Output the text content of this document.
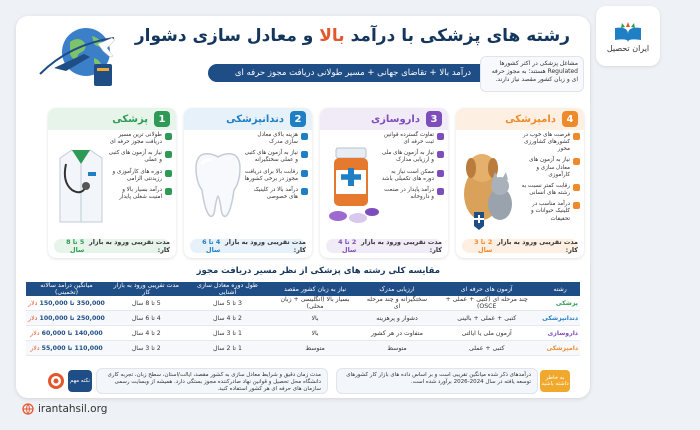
رشته های پزشکی با درآمد بالا و معادل سازی دشوار
درآمد بالا + تقاضای جهانی + مسیر طولانی دریافت مجوز حرفه ای
مشاغل پزشکی در اکثر کشورها Regulated هستند؛ به مجوز حرفه ای و زبان کشور مقصد نیاز دارند.
دامپزشکی	4
فرصت های خوب در کشورهای کشاورزی محور
نیاز به آزمون های معادل سازی و کارآموزی
رقابت کمتر نسبت به رشته های انسانی
درآمد مناسب در کلینیک حیوانات و تحقیقات
مدت تقریبی ورود به بازار کار:

2 تا 3 سال
داروسازی	3
تفاوت گسترده قوانین ثبت حرفه ای
نیاز به آزمون های ملی و ارزیابی مدارک
ممکن است نیاز به دوره های تکمیلی باشد
درآمد پایدار در صنعت و داروخانه
مدت تقریبی ورود به بازار کار:

2 تا 4 سال
دندانپزشکی	2
هزینه بالای معادل سازی مدرک
نیاز به آزمون های کتبی و عملی سختگیرانه
رقابت بالا برای دریافت مجوز در برخی کشورها
درآمد بالا در کلینیک های خصوصی
مدت تقریبی ورود به بازار کار:

4 تا 6 سال
پزشکی	1
طولانی ترین مسیر دریافت مجوز حرفه ای
نیاز به آزمون های کتبی و عملی
دوره های کارآموزی و رزیدنتی الزامی
درآمد بسیار بالا و امنیت شغلی پایدار
مدت تقریبی ورود به بازار کار:

5 تا 8 سال
مقایسه کلی رشته های پزشکی از نظر مسیر دریافت مجوز
رشته	آزمون های حرفه ای	ارزیابی مدرک	نیاز به زبان کشور مقصد	طول دوره معادل سازی آشنایی	مدت تقریبی ورود به بازار کار	میانگین درآمد سالانه (تخمینی)
پزشکی	چند مرحله ای (کتبی + عملی + OSCE)	سختگیرانه و چند مرحله ای	بسیار بالا (انگلیسی + زبان محلی)	3 تا 5 سال	5 تا 8 سال	350,000 تا 150,000 دلار
دندانپزشکی	کتبی + عملی + بالینی	دشوار و پرهزینه	بالا	2 تا 4 سال	4 تا 6 سال	250,000 تا 100,000 دلار
داروسازی	آزمون ملی یا ایالتی	متفاوت در هر کشور	بالا	1 تا 3 سال	2 تا 4 سال	140,000 تا 60,000 دلار
دامپزشکی	کتبی + عملی	متوسط	متوسط	1 تا 2 سال	2 تا 3 سال	110,000 تا 55,000 دلار
نکته مهم
مدت زمان دقیق و شرایط معادل سازی به کشور مقصد، ایالت/استان، سطح زبان، تجربه کاری دانشگاه محل تحصیل و قوانین نهاد صادرکننده مجوز بستگی دارد. همیشه از وبسایت رسمی سازمان های حرفه ای هر کشور استفاده کنید.
درآمدهای ذکر شده میانگین تقریبی است و بر اساس داده های بازار کار کشورهای توسعه یافته در سال 2024-2026 برآورد شده است.
به خاطر داشته باشید
ایران تحصیل
irantahsil.org
